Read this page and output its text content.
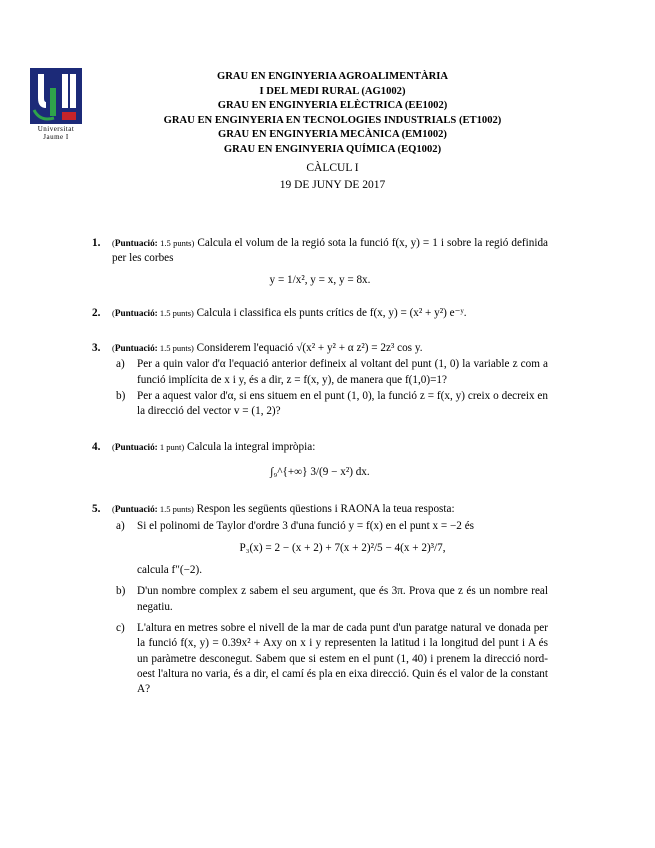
Universitat Jaume I
GRAU EN ENGINYERIA AGROALIMENTÀRIA
I DEL MEDI RURAL (AG1002)
GRAU EN ENGINYERIA ELÈCTRICA (EE1002)
GRAU EN ENGINYERIA EN TECNOLOGIES INDUSTRIALS (ET1002)
GRAU EN ENGINYERIA MECÀNICA (EM1002)
GRAU EN ENGINYERIA QUÍMICA (EQ1002)
CÀLCUL I
19 DE JUNY DE 2017
1.	(Puntuació: 1.5 punts) Calcula el volum de la regió sota la funció f(x, y) = 1 i sobre la regió definida per les corbes
y = 1/x², y = x, y = 8x.
2.	(Puntuació: 1.5 punts) Calcula i classifica els punts crítics de f(x, y) = (x² + y²) e⁻ʸ.
3.	(Puntuació: 1.5 punts) Considerem l'equació √(x² + y² + α z²) = 2z³ cos y.
a) Per a quin valor d'α l'equació anterior defineix al voltant del punt (1, 0) la variable z com a funció implícita de x i y, és a dir, z = f(x, y), de manera que f(1,0)=1?
b) Per a aquest valor d'α, si ens situem en el punt (1, 0), la funció z = f(x, y) creix o decreix en la direcció del vector v = (1, 2)?
4.	(Puntuació: 1 punt) Calcula la integral impròpia:
∫₉^{+∞} 3/(9 − x²) dx.
5.	(Puntuació: 1.5 punts) Respon les següents qüestions i RAONA la teua resposta:
a) Si el polinomi de Taylor d'ordre 3 d'una funció y = f(x) en el punt x = −2 és
P₃(x) = 2 − (x + 2) + 7(x + 2)²/5 − 4(x + 2)³/7,
calcula f″(−2).
b) D'un nombre complex z sabem el seu argument, que és 3π. Prova que z és un nombre real negatiu.
c) L'altura en metres sobre el nivell de la mar de cada punt d'un paratge natural ve donada per la funció f(x, y) = 0.39x² + Axy on x i y representen la latitud i la longitud del punt i A és un paràmetre desconegut. Sabem que si estem en el punt (1, 40) i prenem la direcció nord-oest l'altura no varia, és a dir, el camí és pla en eixa direcció. Quin és el valor de la constant A?
